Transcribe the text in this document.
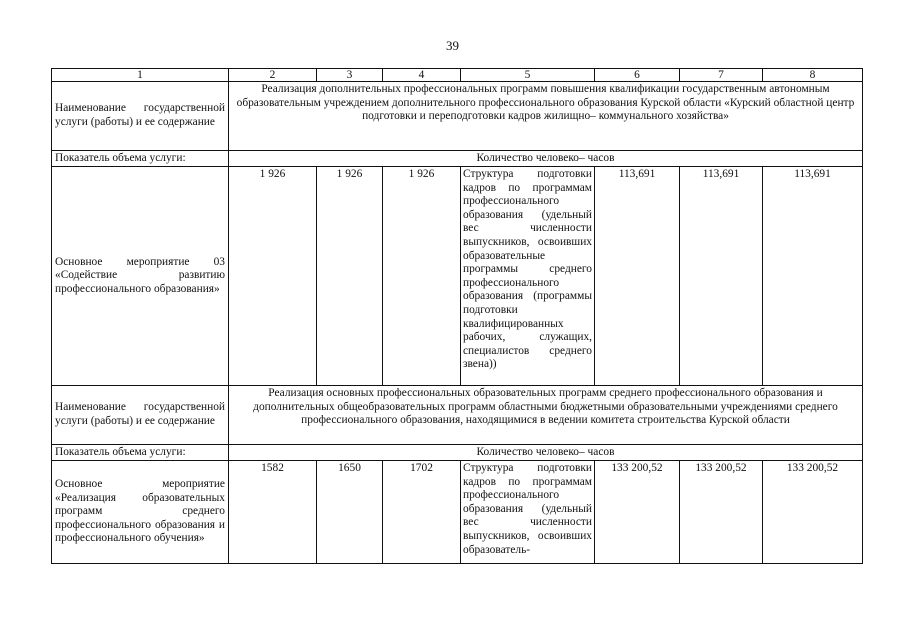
39
1	2	3	4	5	6	7	8
Наименование государственной услуги (работы) и ее содержание	Реализация дополнительных профессиональных программ повышения квалификации государственным автономным образовательным учреждением дополнительного профессионального образования Курской области «Курский областной центр подготовки и переподготовки кадров жилищно– коммунального хозяйства»						
Показатель объема услуги:	Количество человеко– часов						
Основное мероприятие 03 «Содействие развитию профессионального образования»	1 926	1 926	1 926	Структура подготовки кадров по программам профессионального образования (удельный вес численности выпускников, освоивших образовательные программы среднего профессионального образования (программы подготовки квалифицированных рабочих, служащих, специалистов среднего звена))	113,691	113,691	113,691
Наименование государственной услуги (работы) и ее содержание	Реализация основных профессиональных образовательных программ среднего профессионального образования и дополнительных общеобразовательных программ областными бюджетными образовательными учреждениями среднего профессионального образования, находящимися в ведении комитета строительства Курской области						
Показатель объема услуги:	Количество человеко– часов						
Основное мероприятие «Реализация образовательных программ среднего профессионального образования и профессионального обучения»	1582	1650	1702	Структура подготовки кадров по программам профессионального образования (удельный вес численности выпускников, освоивших образователь-	133 200,52	133 200,52	133 200,52
